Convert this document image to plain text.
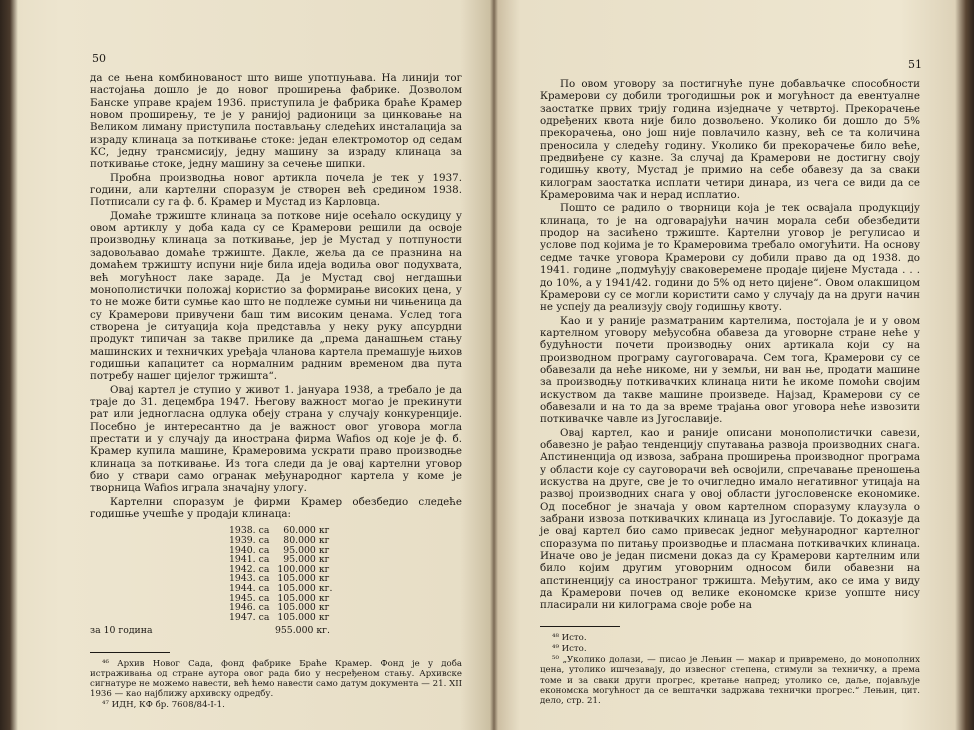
50

да се њена комбинованост што више употпуњава. На линији тог настојања дошло је до новог проширења фабрике. Дозволом Банске управе крајем 1936. приступила је фабрика браће Крамер новом проширењу, те је у ранијој радионици за цинковање на Великом лиману приступила постављању следећих инсталација за израду клинаца за поткивање стоке: један електромотор од седам КС, једну трансмисију, једну машину за израду клинаца за поткивање стоке, једну машину за сечење шипки.

Пробна производња новог артикла почела је тек у 1937. години, али картелни споразум је створен већ средином 1938. Потписали су га ф. б. Крамер и Мустад из Карловца.

Домаће тржиште клинаца за потковe није осећало оскудицу у овом артиклу у доба када су се Крамерови решили да освоје производњу клинаца за поткивање, јер је Мустад у потпуности задовољавао домаће тржиште. Дакле, жеља да се празнина на домаћем тржишту испуни није била идеја водиља овог подухвата, већ могућност лаке зараде. Да је Мустад свој негдашњи монополистички положај користио за формирање високих цена, у то не може бити сумње као што не подлеже сумњи ни чињеница да су Крамерови привучени баш тим високим ценама. Услед тога створена је ситуација која представља у неку руку апсурдни продукт типичан за такве прилике да „према данашњем стању машинских и техничких уређаја чланова картела премашује њихов годишњи капацитет са нормалним радним временом два пута потребу нашег цијелог тржишта“.

Овај картел је ступио у живот 1. јануара 1938, а требало је да траје до 31. децембра 1947. Његову важност могао је прекинути рат или једногласна одлука обеју страна у случају конкуренције. Посебно је интересантно да је важност овог уговора могла престати и у случају да иностранa фирма Wafios од које је ф. б. Крамер купила машине, Крамеровима ускрати право производње клинаца за поткивање. Из тога следи да је овај картелни уговор био у ствари само огранак међународног картела у коме је творница Wafios играла значајну улогу.

Картелни споразум је фирми Крамер обезбедио следеће годишње учешће у продаји клинаца:

1938.	ca	60.000	кг
1939.	ca	80.000	кг
1940.	ca	95.000	кг
1941.	ca	95.000	кг
1942.	ca	100.000	кг
1943.	ca	105.000	кг
1944.	ca	105.000	кг.
1945.	ca	105.000	кг
1946.	ca	105.000	кг
1947.	ca	105.000	кг
за 10 година	955.000 кг.

⁴⁶ Архив Новог Сада, фонд фабрике Браће Крамер. Фонд је у доба истраживања од стране аутора овог рада био у несређеном стању. Архивске сигнатуре не можемо навести, већ ћемо навести само датум документа — 21. XII 1936 — као најближу архивску одредбу.

⁴⁷ ИДН, КФ бр. 7608/84-I-1.

51

По овом уговору за постигнуће пуне добављачке способности Крамерови су добили трогодишњи рок и могућност да евентуалне заостатке првих трију година изједначе у четвртој. Прекорачење одређених квота није било дозвољено. Уколико би дошло до 5% прекорачења, оно још није повлачило казну, већ се та количина преносила у следећу годину. Уколико би прекорачење било веће, предвиђене су казне. За случај да Крамерови не достигну своју годишњу квоту, Мустад је примио на себе обавезу да за сваки килограм заостатка исплати четири динара, из чега се види да се Крамеровима чак и нерад исплатио.

Пошто се радило о творници која је тек освајала продукцију клинаца, то је на одговарајући начин морала себи обезбедити продор на засићено тржиште. Картелни уговор је регулисао и услове под којима је то Крамеровима требало омогућити. На основу седме тачке уговора Крамерови су добили право да од 1938. до 1941. године „подмућују сваковеремене продаје цијене Мустада . . . до 10%, а у 1941/42. години до 5% од нето цијене“. Овом олакшицом Крамерови су се могли користити само у случају да на други начин не успеју да реализују своју годишњу квоту.

Као и у раније разматраним картелима, постојала је и у овом картелном уговору међусобна обавеза да уговорне стране неће у будућности почети производњу оних артикала који су на производном програму саугоговарача. Сем тога, Крамерови су се обавезали да неће никоме, ни у земљи, ни ван ње, продати машине за производњу поткивачких клинаца нити ће икоме помоћи својим искуством да такве машине произведе. Најзад, Крамерови су се обавезали и на то да за време трајања овог уговора неће извозити поткивачке чавле из Југославије.

Овај картел, као и раније описани монополистички савези, обавезно је рађао тенденцију спутавања развоја производних снага. Апстиненција од извоза, забрана проширења производног програма у области које су сауговорачи већ освојили, спречавање преношења искуства на друге, све је то очигледно имало негативног утицаја на развој производних снага у овој области југословенске економике. Од посебног је значаја у овом картелном споразуму клаузула о забрани извоза поткивачких клинаца из Југославије. То доказује да је овај картел био само привесак једног међународног картелног споразума по питању производње и пласмана поткивачких клинаца. Иначе ово је један писмени доказ да су Крамерови картелним или било којим другим уговорним односом били обавезни на апстиненцију са иностраног тржишта. Међутим, ако се има у виду да Крамерови почев од велике економске кризе уопште нису пласирали ни килограма своје робе на

⁴⁸ Исто.

⁴⁹ Исто.

⁵⁰ „Уколико долази, — писао је Лењин — макар и привремено, до монополних цена, утолико ишчезавају, до извесног степена, стимули за техничку, а према томе и за сваки други прогрес, кретање напред; утолико се, даље, појављује економска могућност да се вештачки задржава технички прогрес.“ Лењин, цит. дело, стр. 21.
